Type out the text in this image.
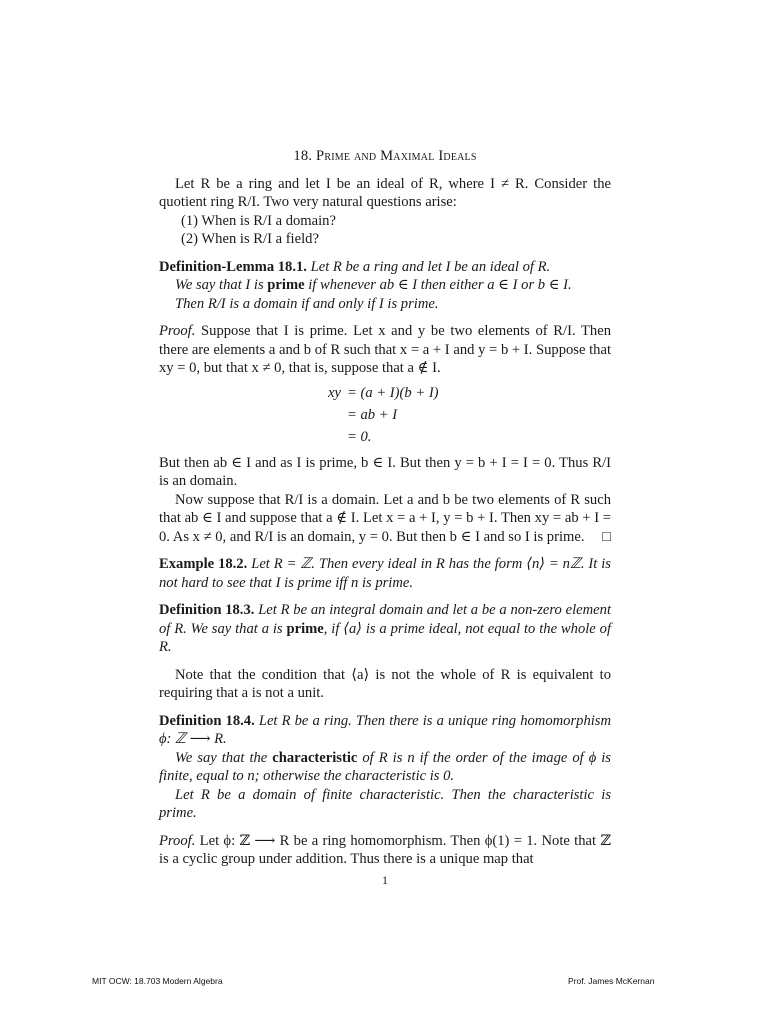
18. Prime and Maximal Ideals

Let R be a ring and let I be an ideal of R, where I ≠ R. Consider the quotient ring R/I. Two very natural questions arise:

(1) When is R/I a domain?

(2) When is R/I a field?

Definition-Lemma 18.1. Let R be a ring and let I be an ideal of R.

We say that I is prime if whenever ab ∈ I then either a ∈ I or b ∈ I.

Then R/I is a domain if and only if I is prime.

Proof. Suppose that I is prime. Let x and y be two elements of R/I. Then there are elements a and b of R such that x = a + I and y = b + I. Suppose that xy = 0, but that x ≠ 0, that is, suppose that a ∉ I.

xy = (a + I)(b + I)
= ab + I
= 0.

But then ab ∈ I and as I is prime, b ∈ I. But then y = b + I = I = 0. Thus R/I is an domain.

Now suppose that R/I is a domain. Let a and b be two elements of R such that ab ∈ I and suppose that a ∉ I. Let x = a + I, y = b + I. Then xy = ab + I = 0. As x ≠ 0, and R/I is an domain, y = 0. But then b ∈ I and so I is prime.	□

Example 18.2. Let R = ℤ. Then every ideal in R has the form ⟨n⟩ = nℤ. It is not hard to see that I is prime iff n is prime.

Definition 18.3. Let R be an integral domain and let a be a non-zero element of R. We say that a is prime, if ⟨a⟩ is a prime ideal, not equal to the whole of R.

Note that the condition that ⟨a⟩ is not the whole of R is equivalent to requiring that a is not a unit.

Definition 18.4. Let R be a ring. Then there is a unique ring homomorphism ϕ: ℤ ⟶ R.

We say that the characteristic of R is n if the order of the image of ϕ is finite, equal to n; otherwise the characteristic is 0.

Let R be a domain of finite characteristic. Then the characteristic is prime.

Proof. Let ϕ: ℤ ⟶ R be a ring homomorphism. Then ϕ(1) = 1. Note that ℤ is a cyclic group under addition. Thus there is a unique map that

1
MIT OCW: 18.703 Modern Algebra	Prof. James McKernan
